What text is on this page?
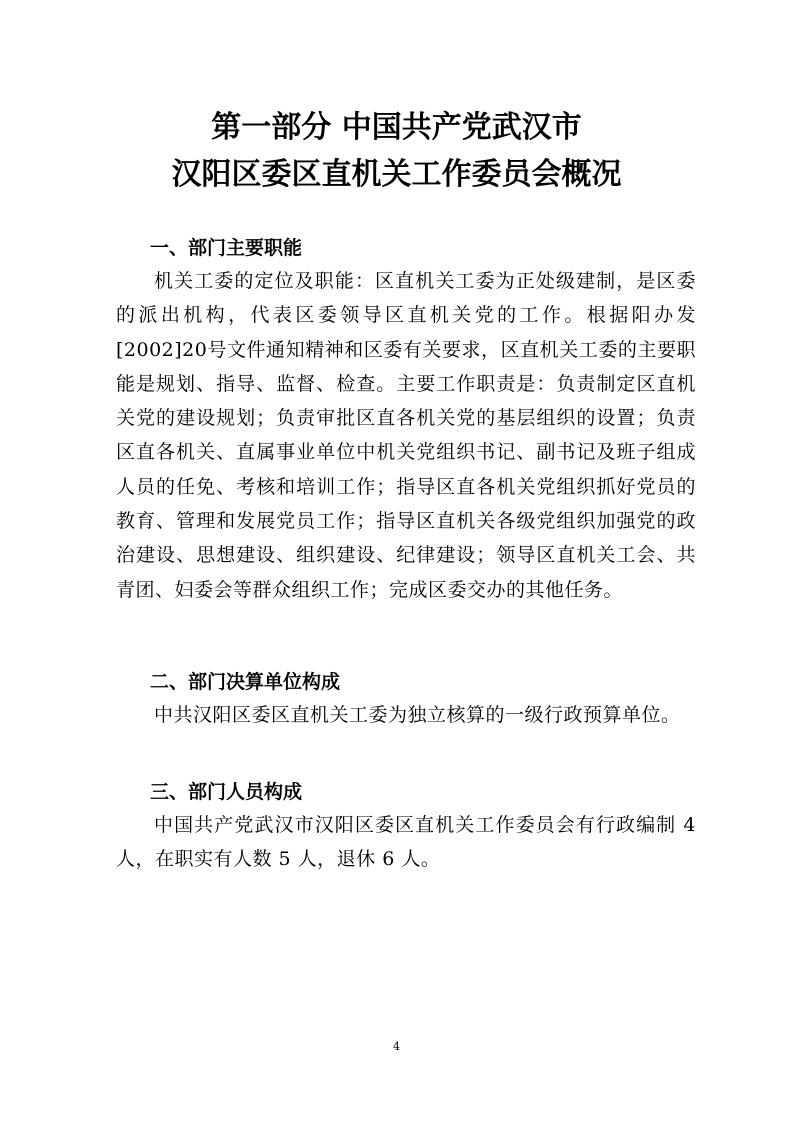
第一部分 中国共产党武汉市
汉阳区委区直机关工作委员会概况

一、部门主要职能

机关工委的定位及职能：区直机关工委为正处级建制，是区委的派出机构，代表区委领导区直机关党的工作。根据阳办发[2002]20号文件通知精神和区委有关要求，区直机关工委的主要职能是规划、指导、监督、检查。主要工作职责是：负责制定区直机关党的建设规划；负责审批区直各机关党的基层组织的设置；负责区直各机关、直属事业单位中机关党组织书记、副书记及班子组成人员的任免、考核和培训工作；指导区直各机关党组织抓好党员的教育、管理和发展党员工作；指导区直机关各级党组织加强党的政治建设、思想建设、组织建设、纪律建设；领导区直机关工会、共青团、妇委会等群众组织工作；完成区委交办的其他任务。

二、部门决算单位构成

中共汉阳区委区直机关工委为独立核算的一级行政预算单位。

三、部门人员构成

中国共产党武汉市汉阳区委区直机关工作委员会有行政编制 4 人，在职实有人数 5 人，退休 6 人。

4
